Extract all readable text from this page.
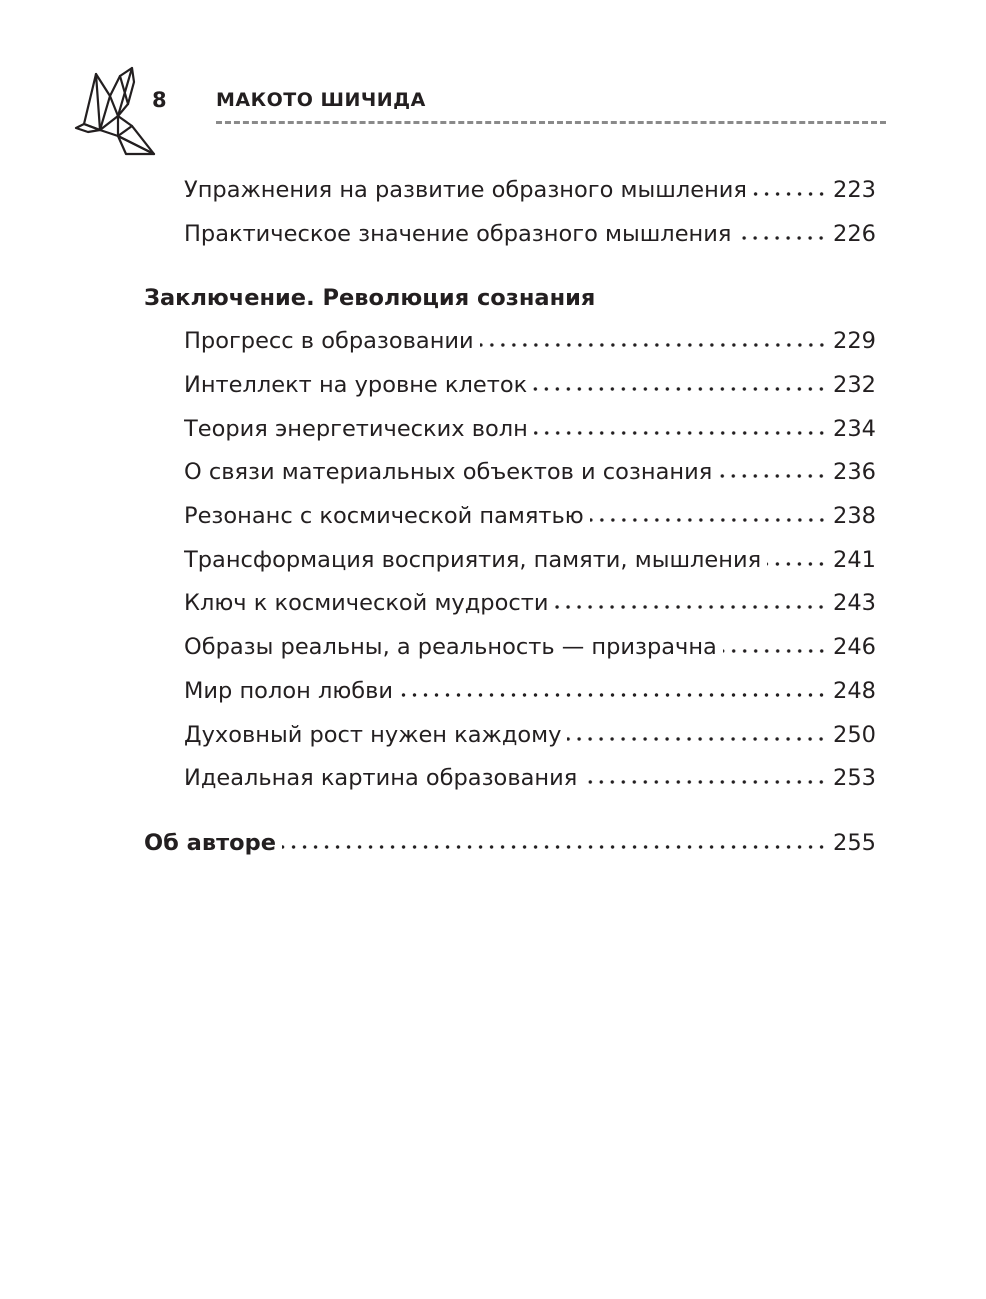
8	МАКОТО ШИЧИДА
Упражнения на развитие образного мышления	223
Практическое значение образного мышления	226
Заключение. Революция сознания
Прогресс в образовании	229
Интеллект на уровне клеток	232
Теория энергетических волн	234
О связи материальных объектов и сознания	236
Резонанс с космической памятью	238
Трансформация восприятия, памяти, мышления	241
Ключ к космической мудрости	243
Образы реальны, а реальность — призрачна	246
Мир полон любви	248
Духовный рост нужен каждому	250
Идеальная картина образования	253
Об авторе	255
